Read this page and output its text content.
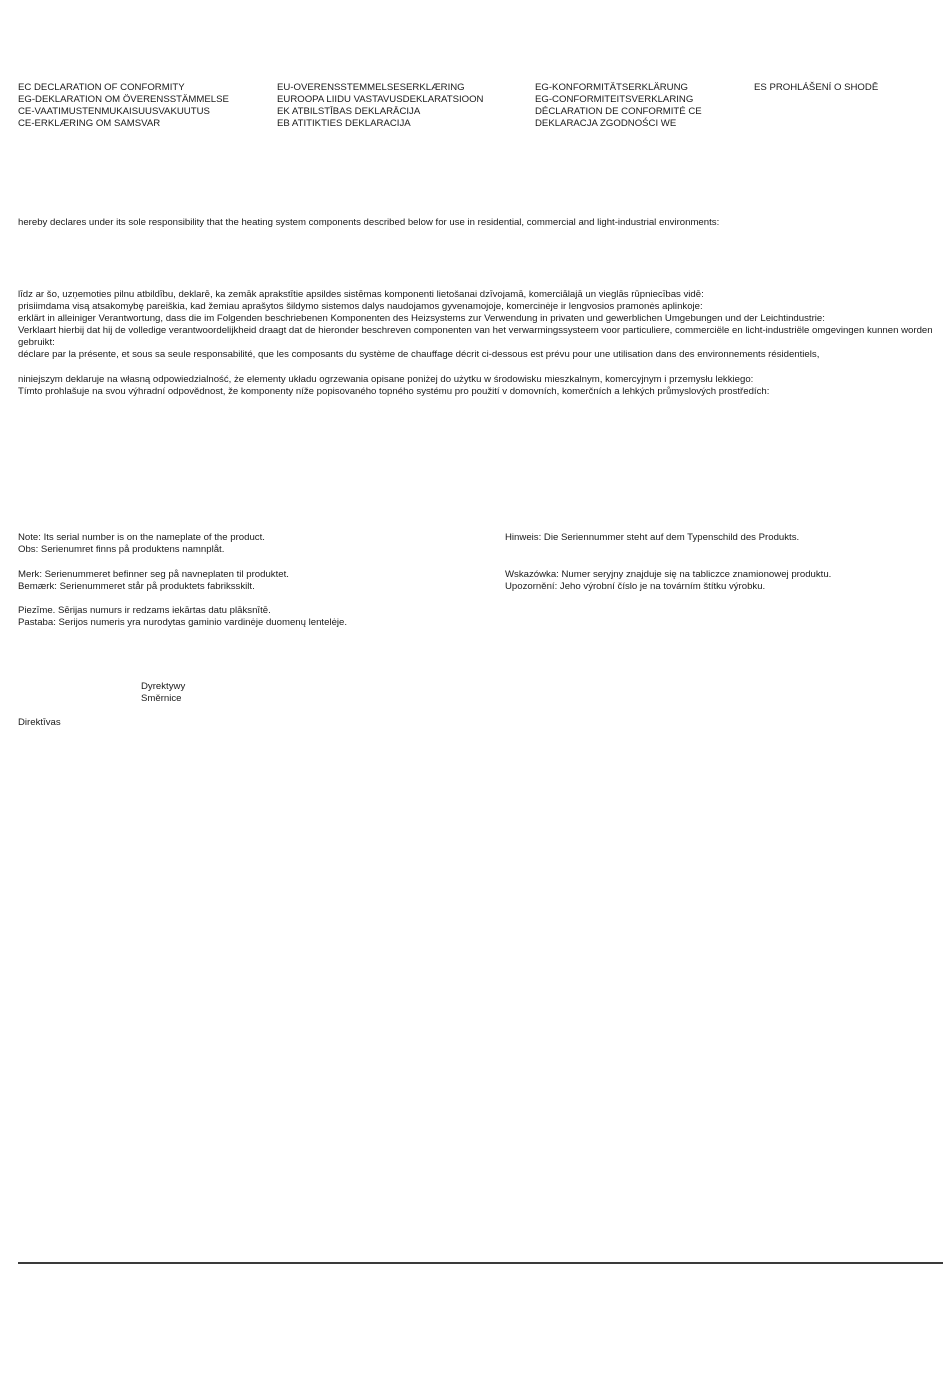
EC DECLARATION OF CONFORMITY
EG-DEKLARATION OM ÖVERENSSTÄMMELSE
CE-VAATIMUSTENMUKAISUUSVAKUUTUS
CE-ERKLÆRING OM SAMSVAR
EU-OVERENSSTEMMELSESERKLÆRING
EUROOPA LIIDU VASTAVUSDEKLARATSIOON
EK ATBILSTĪBAS DEKLARĀCIJA
EB ATITIKTIES DEKLARACIJA
EG-KONFORMITÄTSERKLÄRUNG
EG-CONFORMITEITSVERKLARING
DÉCLARATION DE CONFORMITÉ CE
DEKLARACJA ZGODNOŚCI WE
ES PROHLÁŠENÍ O SHODĚ
hereby declares under its sole responsibility that the heating system components described below for use in residential, commercial and light-industrial environments:
līdz ar šo, uzņemoties pilnu atbildību, deklarē, ka zemāk aprakstītie apsildes sistēmas komponenti lietošanai dzīvojamā, komerciālajā un vieglās rūpniecības vidē:
prisiimdama visą atsakomybę pareiškia, kad žemiau aprašytos šildymo sistemos dalys naudojamos gyvenamojoje, komercinėje ir lengvosios pramonės aplinkoje:
erklärt in alleiniger Verantwortung, dass die im Folgenden beschriebenen Komponenten des Heizsystems zur Verwendung in privaten und gewerblichen Umgebungen und der Leichtindustrie:
Verklaart hierbij dat hij de volledige verantwoordelijkheid draagt dat de hieronder beschreven componenten van het verwarmingssysteem voor particuliere, commerciële en licht-industriële omgevingen kunnen worden gebruikt:
déclare par la présente, et sous sa seule responsabilité, que les composants du système de chauffage décrit ci-dessous est prévu pour une utilisation dans des environnements résidentiels,
niniejszym deklaruje na własną odpowiedzialność, że elementy układu ogrzewania opisane poniżej do użytku w środowisku mieszkalnym, komercyjnym i przemysłu lekkiego:
Tímto prohlašuje na svou výhradní odpovědnost, že komponenty níže popisovaného topného systému pro použití v domovních, komerčních a lehkých průmyslových prostředích:
Note: Its serial number is on the nameplate of the product.
Obs: Serienumret finns på produktens namnplåt.
Merk: Serienummeret befinner seg på navneplaten til produktet.
Bemærk: Serienummeret står på produktets fabriksskilt.
Piezīme. Sērijas numurs ir redzams iekārtas datu plāksnītē.
Pastaba: Serijos numeris yra nurodytas gaminio vardinėje duomenų lentelėje.
Hinweis: Die Seriennummer steht auf dem Typenschild des Produkts.
Wskazówka: Numer seryjny znajduje się na tabliczce znamionowej produktu.
Upozornění: Jeho výrobní číslo je na továrním štítku výrobku.
Dyrektywy
Směrnice
Direktīvas
